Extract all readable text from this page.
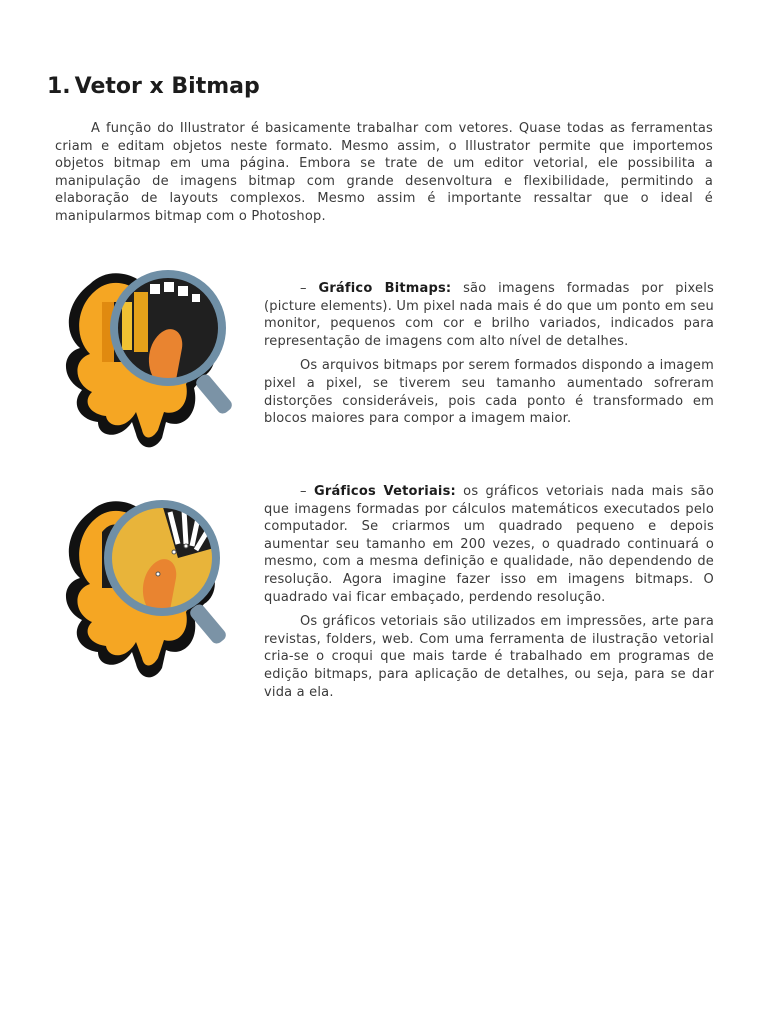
1. Vetor x Bitmap

A função do Illustrator é basicamente trabalhar com vetores. Quase todas as ferramentas criam e editam objetos neste formato. Mesmo assim, o Illustrator permite que importemos objetos bitmap em uma página. Embora se trate de um editor vetorial, ele possibilita a manipulação de imagens bitmap com grande desenvoltura e flexibilidade, permitindo a elaboração de layouts complexos. Mesmo assim é importante ressaltar que o ideal é manipularmos bitmap com o Photoshop.

– Gráfico Bitmaps: são imagens formadas por pixels (picture elements). Um pixel nada mais é do que um ponto em seu monitor, pequenos com cor e brilho variados, indicados para representação de imagens com alto nível de detalhes.

Os arquivos bitmaps por serem formados dispondo a imagem pixel a pixel, se tiverem seu tamanho aumentado sofreram distorções consideráveis, pois cada ponto é transformado em blocos maiores para compor a imagem maior.

– Gráficos Vetoriais: os gráficos vetoriais nada mais são que imagens formadas por cálculos matemáticos executados pelo computador. Se criarmos um quadrado pequeno e depois aumentar seu tamanho em 200 vezes, o quadrado continuará o mesmo, com a mesma definição e qualidade, não dependendo de resolução. Agora imagine fazer isso em imagens bitmaps. O quadrado vai ficar embaçado, perdendo resolução.

Os gráficos vetoriais são utilizados em impressões, arte para revistas, folders, web. Com uma ferramenta de ilustração vetorial cria-se o croqui que mais tarde é trabalhado em programas de edição bitmaps, para aplicação de detalhes, ou seja, para se dar vida a ela.
